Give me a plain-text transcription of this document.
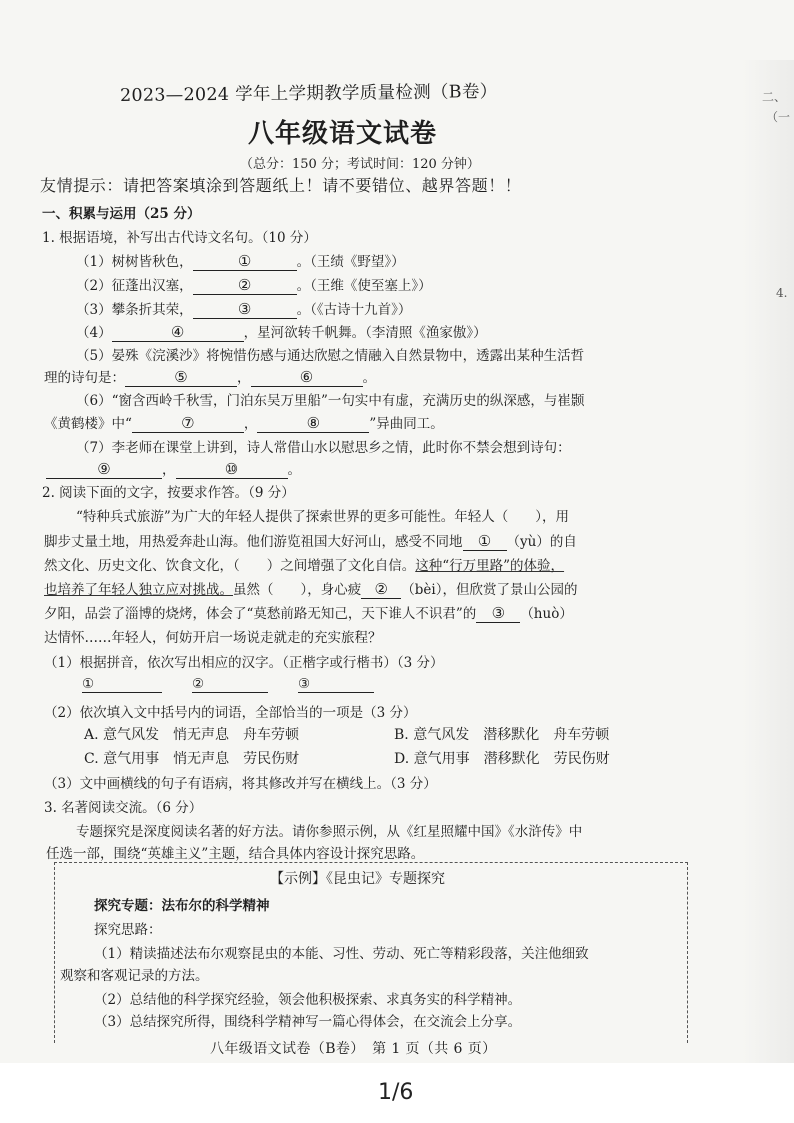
二、
（一
4.
2023—2024 学年上学期教学质量检测（B卷）
八年级语文试卷
（总分：150 分；考试时间：120 分钟）
友情提示：请把答案填涂到答题纸上！请不要错位、越界答题！！
一、积累与运用（25 分）
1. 根据语境，补写出古代诗文名句。（10 分）
（1）树树皆秋色，	①	。（王绩《野望》）
（2）征蓬出汉塞，	②	。（王维《使至塞上》）
（3）攀条折其荣，	③	。（《古诗十九首》）
（4）	④	，星河欲转千帆舞。（李清照《渔家傲》）
（5）晏殊《浣溪沙》将惋惜伤感与通达欣慰之情融入自然景物中，透露出某种生活哲
理的诗句是：	⑤	，	⑥	。
（6）“窗含西岭千秋雪，门泊东吴万里船”一句实中有虚，充满历史的纵深感，与崔颢
《黄鹤楼》中“	⑦	，	⑧	”异曲同工。
（7）李老师在课堂上讲到，诗人常借山水以慰思乡之情，此时你不禁会想到诗句：
⑨	，	⑩	。
2. 阅读下面的文字，按要求作答。（9 分）
“特种兵式旅游”为广大的年轻人提供了探索世界的更多可能性。年轻人（　　），用
脚步丈量土地，用热爱奔赴山海。他们游览祖国大好河山，感受不同地 ① （yù）的自
然文化、历史文化、饮食文化，（　　）之间增强了文化自信。这种“行万里路”的体验，
也培养了年轻人独立应对挑战。虽然（　　），身心疲 ② （bèi），但欣赏了景山公园的
夕阳，品尝了淄博的烧烤，体会了“莫愁前路无知己，天下谁人不识君”的 ③ （huò）
达情怀……年轻人，何妨开启一场说走就走的充实旅程？
（1）根据拼音，依次写出相应的汉字。（正楷字或行楷书）（3 分）
①	②	③
（2）依次填入文中括号内的词语，全部恰当的一项是（3 分）
A. 意气风发　悄无声息　舟车劳顿	B. 意气风发　潜移默化　舟车劳顿
C. 意气用事　悄无声息　劳民伤财	D. 意气用事　潜移默化　劳民伤财
（3）文中画横线的句子有语病，将其修改并写在横线上。（3 分）
3. 名著阅读交流。（6 分）
专题探究是深度阅读名著的好方法。请你参照示例，从《红星照耀中国》《水浒传》中
任选一部，围绕“英雄主义”主题，结合具体内容设计探究思路。
【示例】《昆虫记》专题探究
探究专题：法布尔的科学精神
探究思路：
（1）精读描述法布尔观察昆虫的本能、习性、劳动、死亡等精彩段落，关注他细致
观察和客观记录的方法。
（2）总结他的科学探究经验，领会他积极探索、求真务实的科学精神。
（3）总结探究所得，围绕科学精神写一篇心得体会，在交流会上分享。
八年级语文试卷（B卷）　第 1 页（共 6 页）
1/6
